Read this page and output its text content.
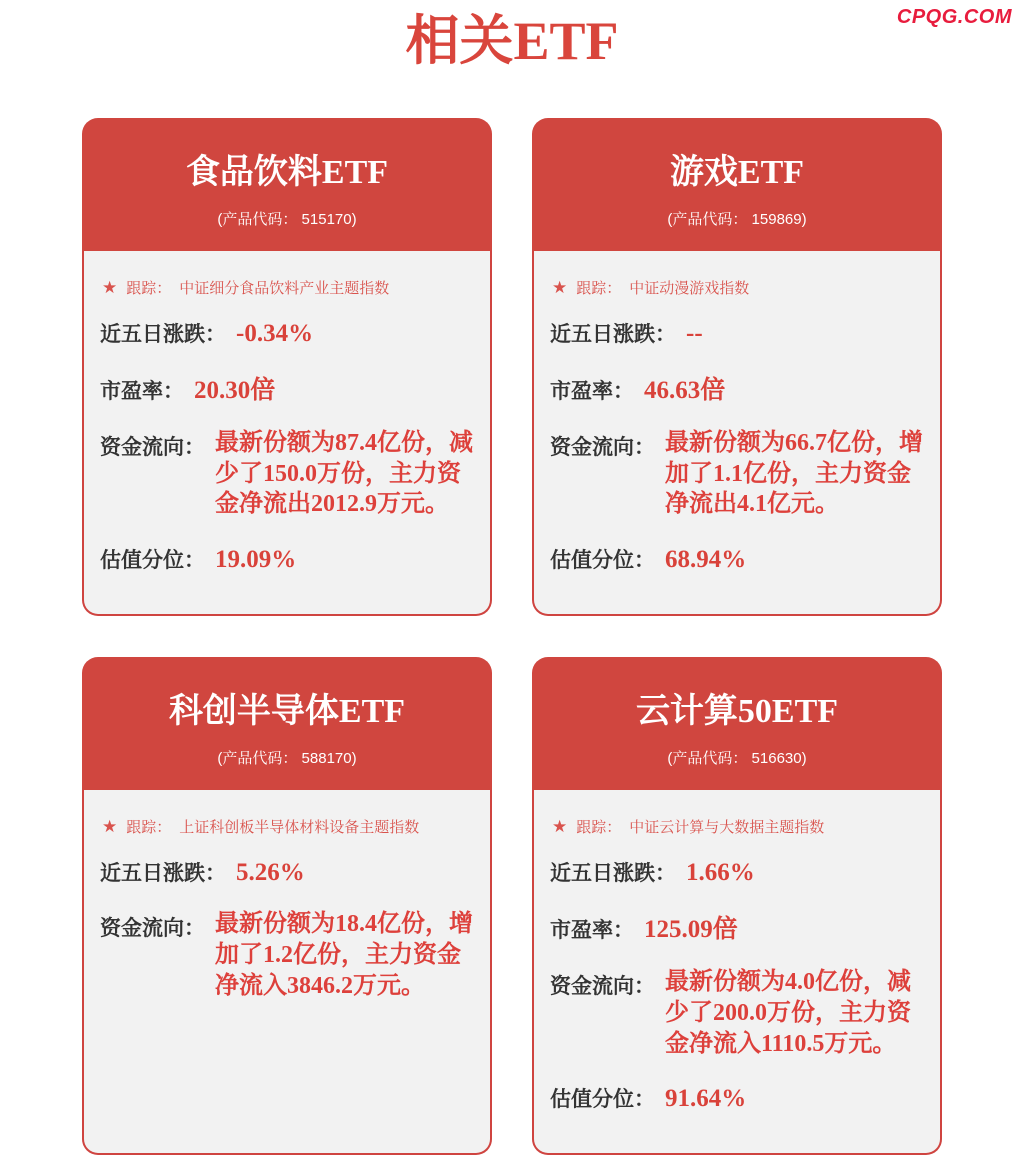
CPQG.COM
相关ETF
食品饮料ETF
(产品代码： 515170)
★ 跟踪： 中证细分食品饮料产业主题指数
近五日涨跌： -0.34%
市盈率： 20.30倍
资金流向： 最新份额为87.4亿份，减少了150.0万份，主力资金净流出2012.9万元。
估值分位： 19.09%
游戏ETF
(产品代码： 159869)
★ 跟踪： 中证动漫游戏指数
近五日涨跌： --
市盈率： 46.63倍
资金流向： 最新份额为66.7亿份，增加了1.1亿份，主力资金净流出4.1亿元。
估值分位： 68.94%
科创半导体ETF
(产品代码： 588170)
★ 跟踪： 上证科创板半导体材料设备主题指数
近五日涨跌： 5.26%
资金流向： 最新份额为18.4亿份，增加了1.2亿份，主力资金净流入3846.2万元。
云计算50ETF
(产品代码： 516630)
★ 跟踪： 中证云计算与大数据主题指数
近五日涨跌： 1.66%
市盈率： 125.09倍
资金流向： 最新份额为4.0亿份，减少了200.0万份，主力资金净流入1110.5万元。
估值分位： 91.64%
